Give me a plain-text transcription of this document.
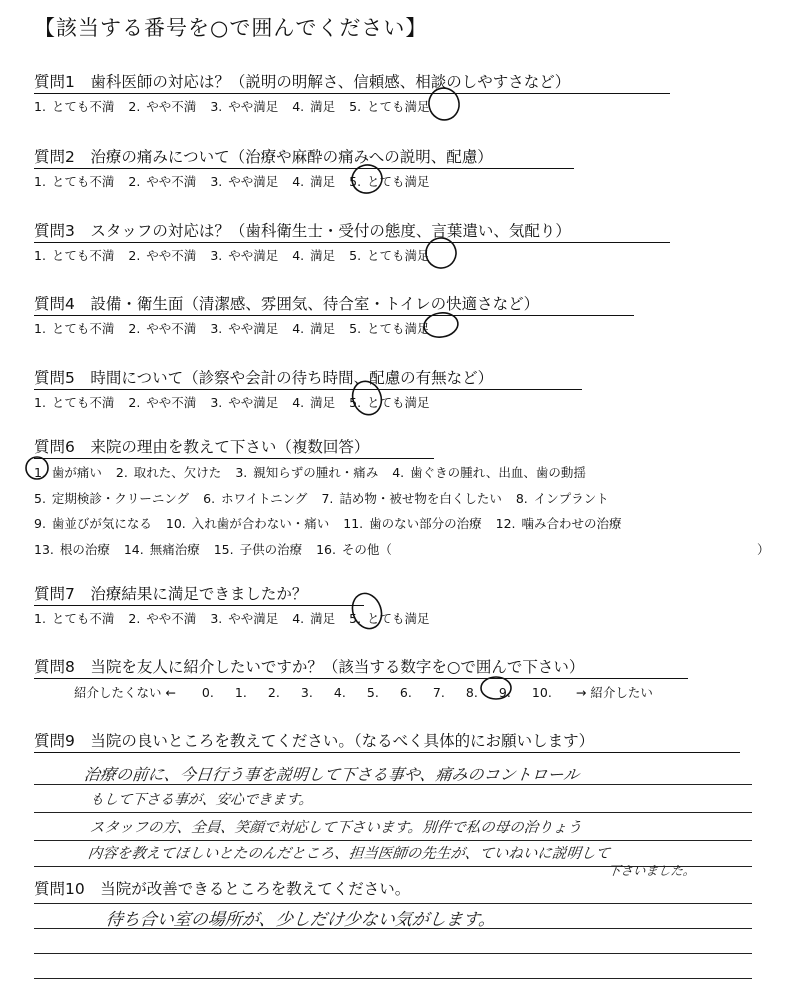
【該当する番号を○で囲んでください】
質問1　 歯科医師の対応は？（説明の明解さ、信頼感、相談のしやすさなど）
1. とても不満 2. やや不満 3. やや満足 4. 満足 5. とても満足
質問2　 治療の痛みについて（治療や麻酔の痛みへの説明、配慮）
1. とても不満 2. やや不満 3. やや満足 4. 満足 5. とても満足
質問3　 スタッフの対応は？（歯科衛生士・受付の態度、言葉遣い、気配り）
1. とても不満 2. やや不満 3. やや満足 4. 満足 5. とても満足
質問4　 設備・衛生面（清潔感、雰囲気、待合室・トイレの快適さなど）
1. とても不満 2. やや不満 3. やや満足 4. 満足 5. とても満足
質問5　 時間について（診察や会計の待ち時間、配慮の有無など）
1. とても不満 2. やや不満 3. やや満足 4. 満足 5. とても満足
質問6　 来院の理由を教えて下さい（複数回答）
1. 歯が痛い 2. 取れた、欠けた 3. 親知らずの腫れ・痛み 4. 歯ぐきの腫れ、出血、歯の動揺
5. 定期検診・クリーニング 6. ホワイトニング 7. 詰め物・被せ物を白くしたい 8. インプラント
9. 歯並びが気になる 10. 入れ歯が合わない・痛い 11. 歯のない部分の治療 12. 噛み合わせの治療
13. 根の治療 14. 無痛治療 15. 子供の治療 16. その他（	）
質問7　 治療結果に満足できましたか？
1. とても不満 2. やや不満 3. やや満足 4. 満足 5. とても満足
質問8　 当院を友人に紹介したいですか？（該当する数字を○で囲んで下さい）
紹介したくない ← 0. 1. 2. 3. 4. 5. 6. 7. 8. 9. 10. → 紹介したい
質問9　 当院の良いところを教えてください。（なるべく具体的にお願いします）
治療の前に、今日行う事を説明して下さる事や、痛みのコントロール
もして下さる事が、安心できます。
スタッフの方、全員、笑顔で対応して下さいます。別件で私の母の治りょう
内容を教えてほしいとたのんだところ、担当医師の先生が、ていねいに説明して
下さいました。
質問10　 当院が改善できるところを教えてください。
待ち合い室の場所が、少しだけ少ない気がします。
